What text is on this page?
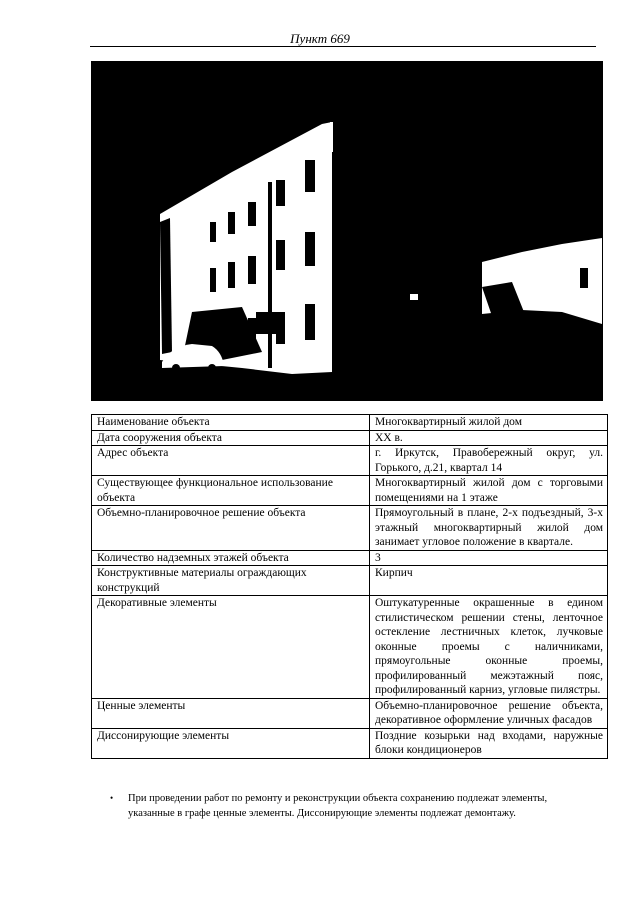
Пункт 669
Наименование объекта	Многоквартирный жилой дом
Дата сооружения объекта	XX в.
Адрес объекта	г. Иркутск, Правобережный округ, ул. Горького, д.21, квартал 14
Существующее функциональное использование объекта	Многоквартирный жилой дом с торговыми помещениями на 1 этаже
Объемно-планировочное решение объекта	Прямоугольный в плане, 2-х подъездный, 3-х этажный многоквартирный жилой дом занимает угловое положение в квартале.
Количество надземных этажей объекта	3
Конструктивные материалы ограждающих конструкций	Кирпич
Декоративные элементы	Оштукатуренные окрашенные в едином стилистическом решении стены, ленточное остекление лестничных клеток, лучковые оконные проемы с наличниками, прямоугольные оконные проемы, профилированный межэтажный пояс, профилированный карниз, угловые пилястры.
Ценные элементы	Объемно-планировочное решение объекта, декоративное оформление уличных фасадов
Диссонирующие элементы	Поздние козырьки над входами, наружные блоки кондиционеров

• При проведении работ по ремонту и реконструкции объекта сохранению подлежат элементы, указанные в графе ценные элементы. Диссонирующие элементы подлежат демонтажу.
